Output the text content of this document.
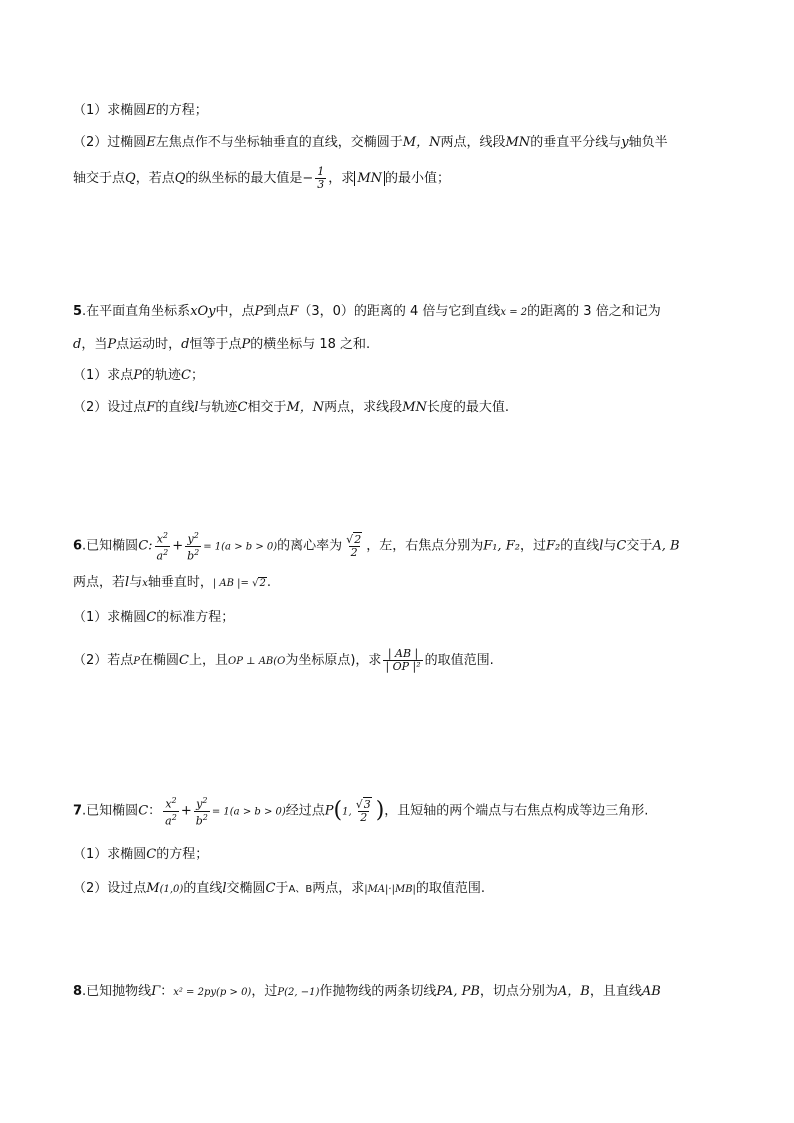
（1）求椭圆E的方程；
（2）过椭圆E左焦点作不与坐标轴垂直的直线，交椭圆于M，N两点，线段MN的垂直平分线与y轴负半
轴交于点Q，若点Q的纵坐标的最大值是− $\frac{1}{3}$ ，求 MN 的最小值；
5.在平面直角坐标系xOy中，点P到点F（3，0）的距离的 4 倍与它到直线x = 2的距离的 3 倍之和记为
d，当P点运动时，d恒等于点P的横坐标与 18 之和.
（1）求点P的轨迹C；
（2）设过点F的直线l与轨迹C相交于M，N两点，求线段MN长度的最大值.
6.已知椭圆C: $\frac{x^2}{a^2} + \frac{y^2}{b^2} = 1(a > b > 0)$的离心率为 $\frac{√2}{2}$ ，左，右焦点分别为F₁, F₂，过F₂的直线l与C交于A, B
两点，若l与x轴垂直时，| AB |= √2.
（1）求椭圆C的标准方程；
（2）若点P在椭圆C上，且OP ⊥ AB(O为坐标原点)，求 $\frac{| AB |}{\text{| OP |²}}$ 的取值范围.
7.已知椭圆C： $\frac{x^2}{a^2} + \frac{y^2}{b^2} = 1(a > b > 0)$经过点P(1, $\frac{√3}{2}$ )，且短轴的两个端点与右焦点构成等边三角形.
（1）求椭圆C的方程；
（2）设过点M(1,0)的直线l交椭圆C于A、B两点，求|MA|·|MB|的取值范围.
8.已知抛物线Γ：x² = 2py(p > 0)，过P(2, −1)作抛物线的两条切线PA, PB，切点分别为A，B，且直线AB
